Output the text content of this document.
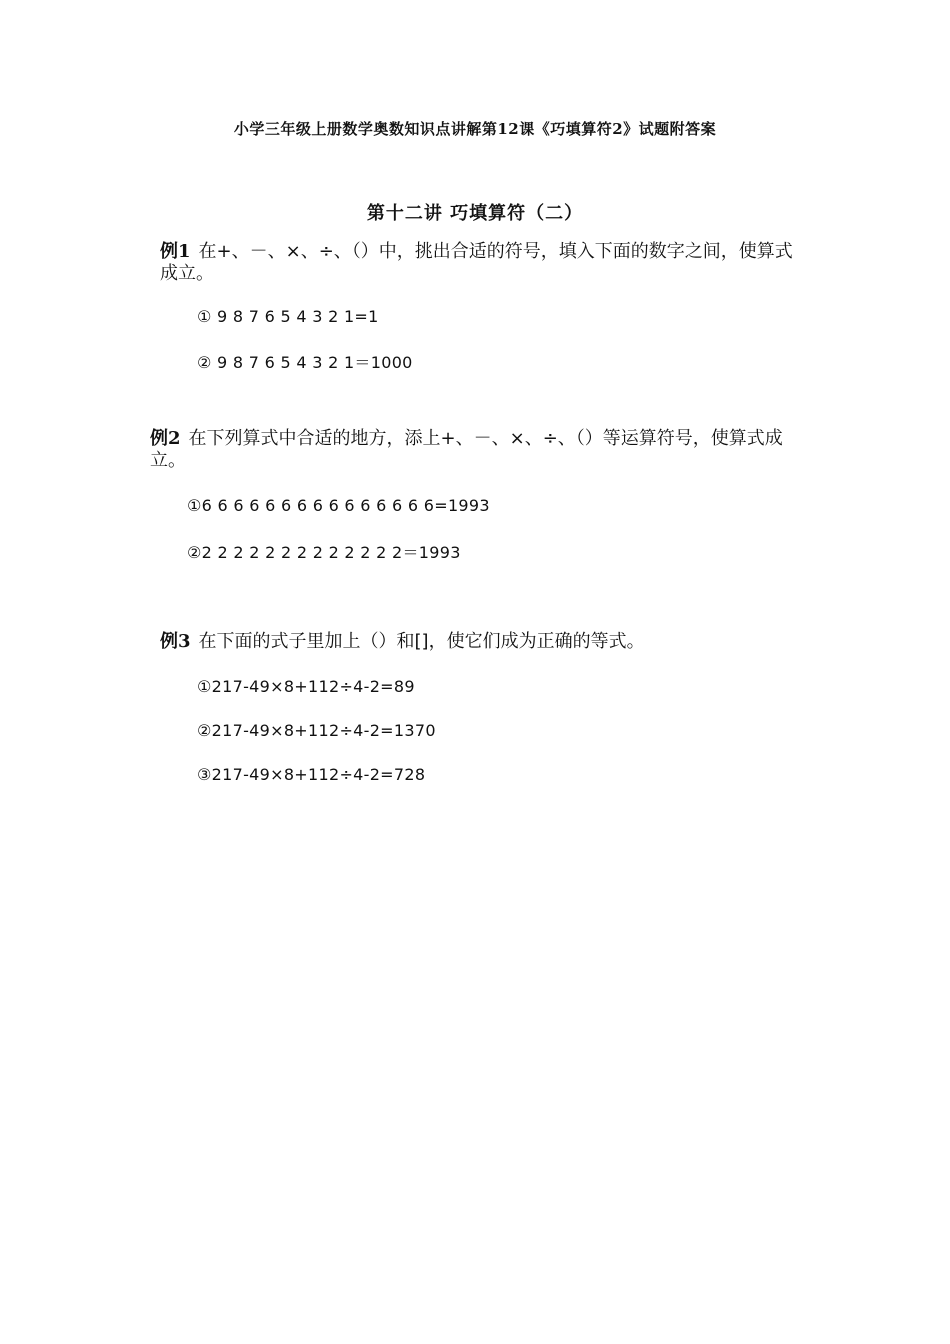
小学三年级上册数学奥数知识点讲解第12课《巧填算符2》试题附答案
第十二讲 巧填算符（二）

例1 在+、－、×、÷、（）中，挑出合适的符号，填入下面的数字之间，使算式成立。

① 9 8 7 6 5 4 3 2 1=1
② 9 8 7 6 5 4 3 2 1＝1000

例2 在下列算式中合适的地方，添上+、－、×、÷、（）等运算符号，使算式成立。

①6 6 6 6 6 6 6 6 6 6 6 6 6 6 6=1993
②2 2 2 2 2 2 2 2 2 2 2 2 2＝1993

例3 在下面的式子里加上（）和[]，使它们成为正确的等式。

①217-49×8+112÷4-2=89
②217-49×8+112÷4-2=1370
③217-49×8+112÷4-2=728
